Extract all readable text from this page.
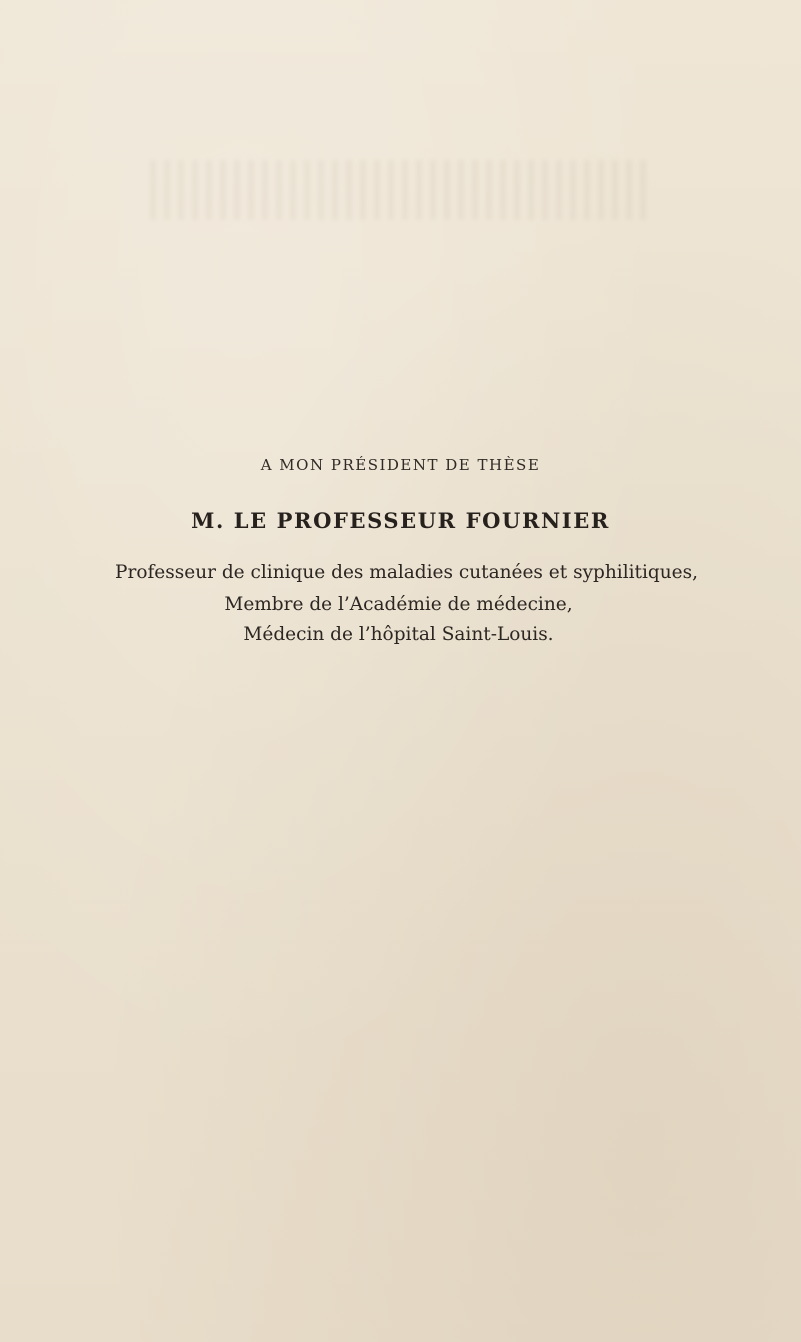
A MON PRÉSIDENT DE THÈSE
M. LE PROFESSEUR FOURNIER
Professeur de clinique des maladies cutanées et syphilitiques,
Membre de l’Académie de médecine,
Médecin de l’hôpital Saint-Louis.
